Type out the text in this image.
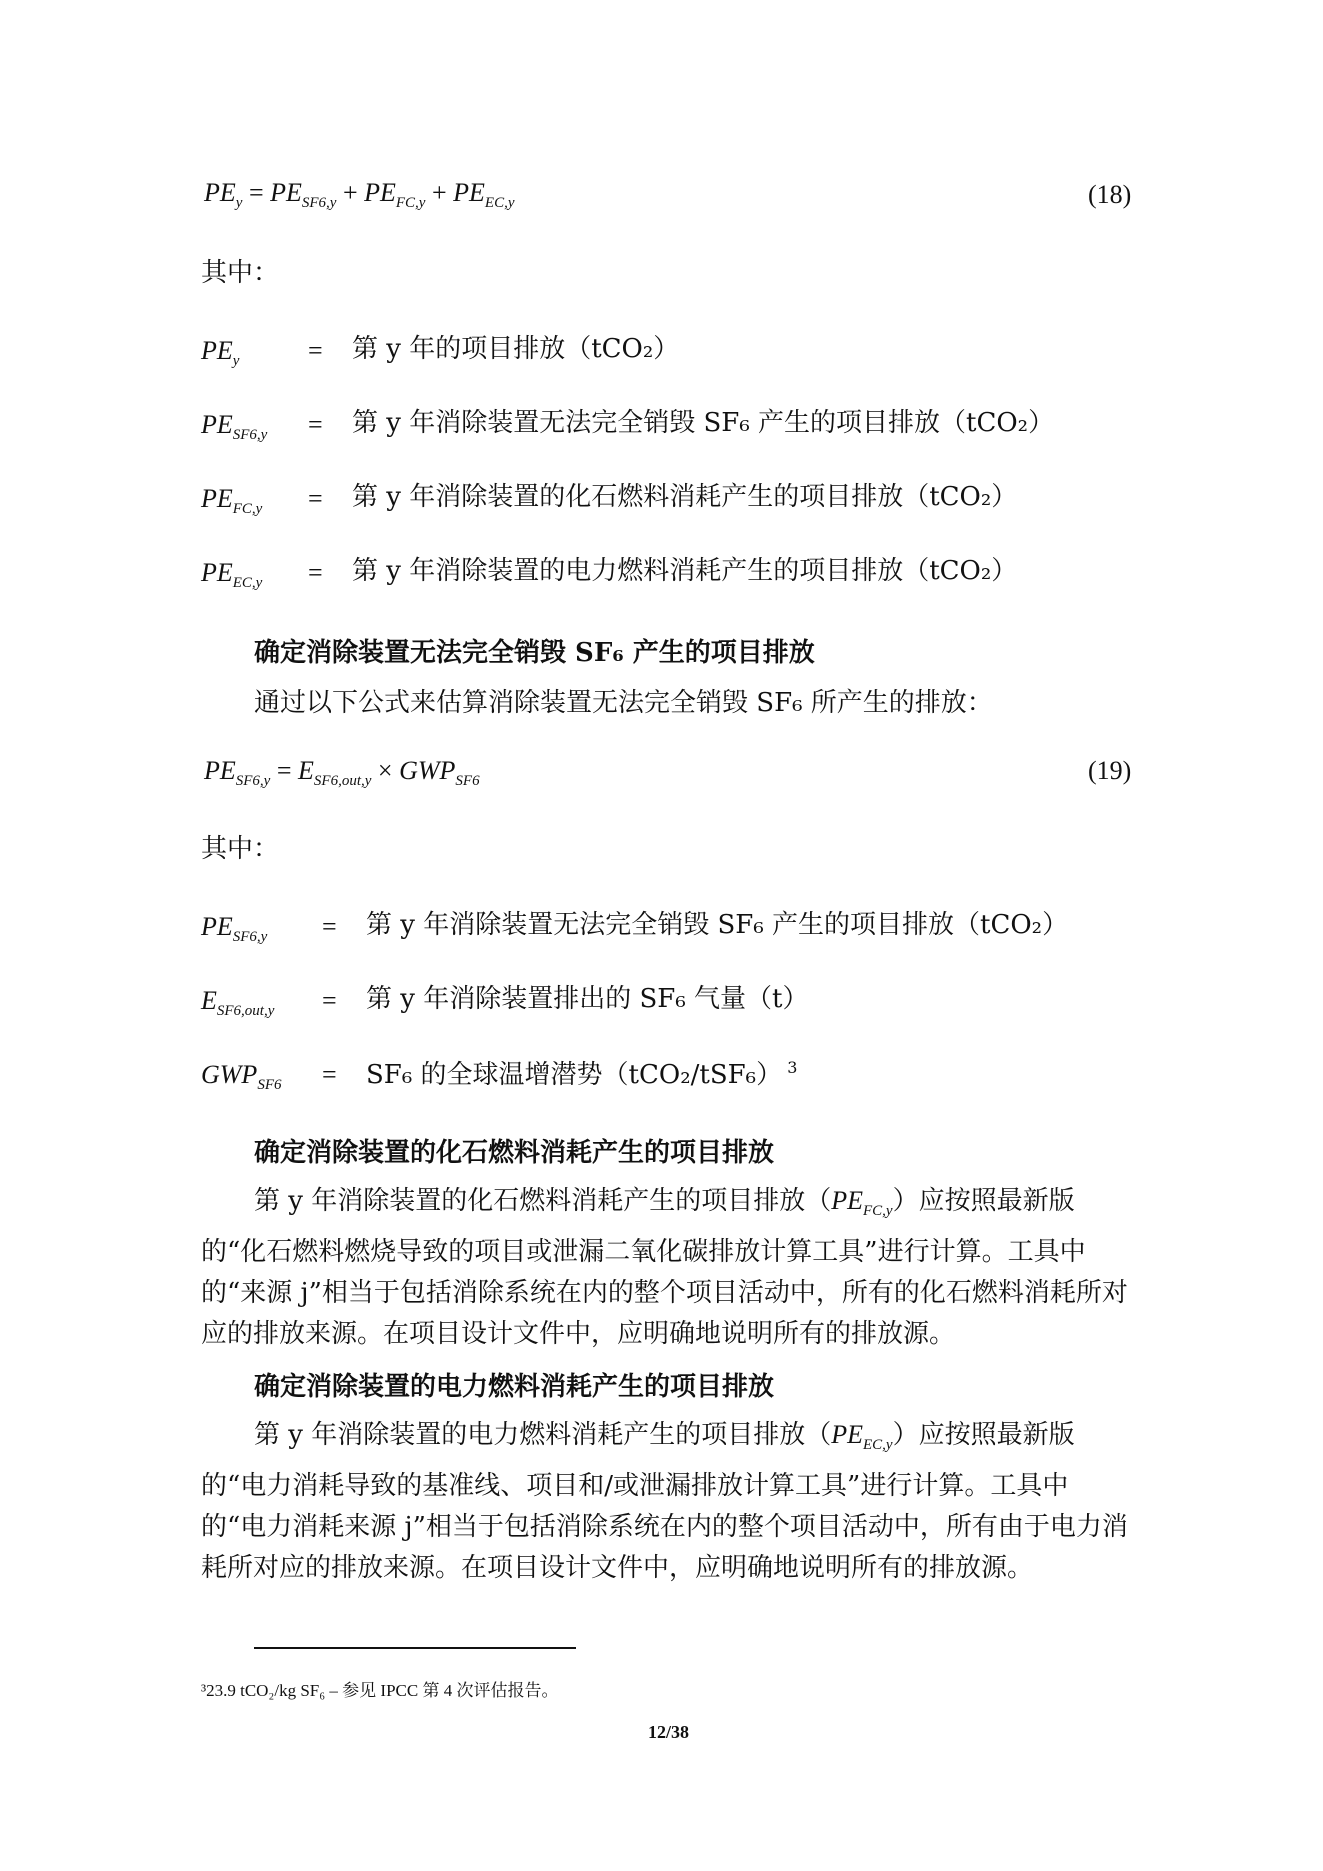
$PE_y = PE_{SF6,y} + PE_{FC,y} + PE_{EC,y}$	(18)
其中：
$PE_y$	= 第 y 年的项目排放（tCO₂）
$PE_{SF6,y}$ = 第 y 年消除装置无法完全销毁 SF₆ 产生的项目排放（tCO₂）
$PE_{FC,y}$ = 第 y 年消除装置的化石燃料消耗产生的项目排放（tCO₂）
$PE_{EC,y}$ = 第 y 年消除装置的电力燃料消耗产生的项目排放（tCO₂）
确定消除装置无法完全销毁 SF₆ 产生的项目排放
通过以下公式来估算消除装置无法完全销毁 SF₆ 所产生的排放：
$PE_{SF6,y} = E_{SF6,out,y} \times GWP_{SF6}$	(19)
其中：
$PE_{SF6,y}$ = 第 y 年消除装置无法完全销毁 SF₆ 产生的项目排放（tCO₂）
$E_{SF6,out,y}$ = 第 y 年消除装置排出的 SF₆ 气量（t）
$GWP_{SF6} = SF_6$ 的全球温增潜势（tCO₂/tSF₆） $^3$
确定消除装置的化石燃料消耗产生的项目排放
第 y 年消除装置的化石燃料消耗产生的项目排放$(PE_{FC,y})$应按照最新版的“化石燃料燃烧导致的项目或泄漏二氧化碳排放计算工具”进行计算。工具中的“来源 j”相当于包括消除系统在内的整个项目活动中，所有的化石燃料消耗所对应的排放来源。在项目设计文件中，应明确地说明所有的排放源。
确定消除装置的电力燃料消耗产生的项目排放
第 y 年消除装置的电力燃料消耗产生的项目排放$(PE_{EC,y})$应按照最新版的“电力消耗导致的基准线、项目和/或泄漏排放计算工具”进行计算。工具中的“电力消耗来源 j”相当于包括消除系统在内的整个项目活动中，所有由于电力消耗所对应的排放来源。在项目设计文件中，应明确地说明所有的排放源。
³23.9 tCO₂/kg SF₆ – 参见 IPCC 第 4 次评估报告。
12/38
